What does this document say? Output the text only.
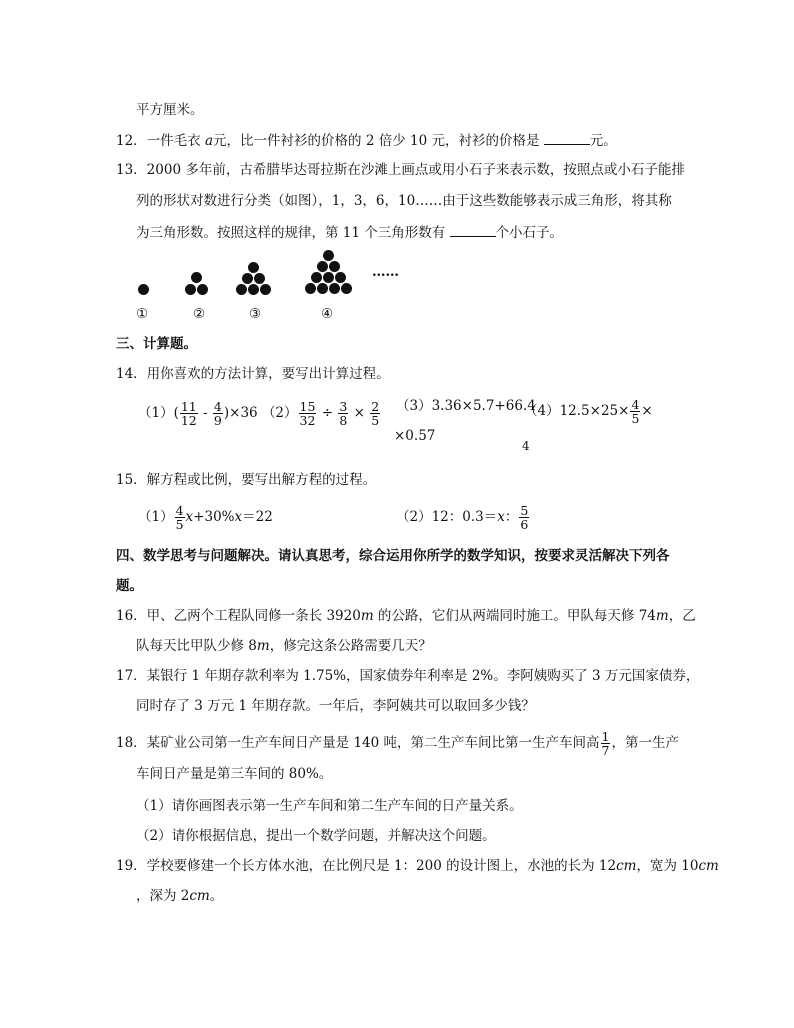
平方厘米。
12．一件毛衣 a元，比一件衬衫的价格的 2 倍少 10 元，衬衫的价格是	元。
13．2000 多年前，古希腊毕达哥拉斯在沙滩上画点或用小石子来表示数，按照点或小石子能排
列的形状对数进行分类（如图），1，3，6，10……由于这些数能够表示成三角形，将其称
为三角形数。按照这样的规律，第 11 个三角形数有	个小石子。
……
①	②	③	④
三、计算题。
14．用你喜欢的方法计算，要写出计算过程。
$(1)( \frac{11}{12} - \frac{4}{9} )\times 36$ $(2) \frac{15}{32} \div \frac{3}{8} \times \frac{2}{5} (3)3.36\times 5.7+66.4$
$(4)12.5\times 25\times \frac{4}{5}$ ×
×0.57
4
15．解方程或比例，要写出解方程的过程。
$(1) \frac{4}{5} x+30\%x=22$	（2）12：0.3＝x： $\frac{5}{6}$
四、数学思考与问题解决。请认真思考，综合运用你所学的数学知识，按要求灵活解决下列各
题。
16．甲、乙两个工程队同修一条长 3920m 的公路，它们从两端同时施工。甲队每天修 74m，乙
队每天比甲队少修 8m，修完这条公路需要几天？
17．某银行 1 年期存款利率为 1.75%，国家债券年利率是 2%。李阿姨购买了 3 万元国家债券，
同时存了 3 万元 1 年期存款。一年后，李阿姨共可以取回多少钱？
18．某矿业公司第一生产车间日产量是 140 吨，第二生产车间比第一生产车间高 $\frac{1}{7}$ ，第一生产
车间日产量是第三车间的 80%。
（1）请你画图表示第一生产车间和第二生产车间的日产量关系。
（2）请你根据信息，提出一个数学问题，并解决这个问题。
19．学校要修建一个长方体水池，在比例尺是 1：200 的设计图上，水池的长为 12cm，宽为 10cm
，深为 2cm。
